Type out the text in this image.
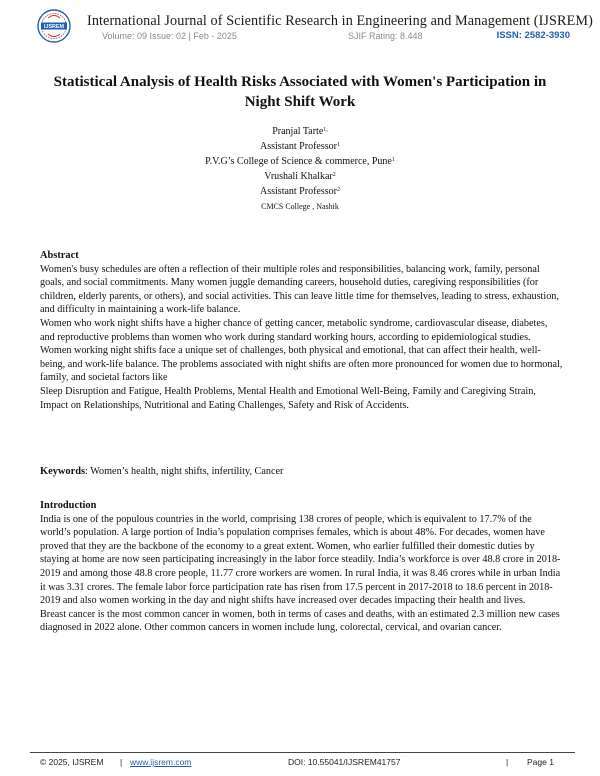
IJSREM International Journal of Scientific Research in Engineering and Management (IJSREM)
Volume: 09 Issue: 02 | Feb - 2025	SJIF Rating: 8.448	ISSN: 2582-3930
Statistical Analysis of Health Risks Associated with Women's Participation in
Night Shift Work
Pranjal Tarte$^{1,}$
Assistant Professor$^1$
P.V.G’s College of Science & commerce, Pune$^1$
Vrushali Khalkar$^2$
Assistant Professor$^2$
CMCS College , Nashik

Abstract

Women's busy schedules are often a reflection of their multiple roles and responsibilities, balancing work, family, personal goals, and social commitments. Many women juggle demanding careers, household duties, caregiving responsibilities (for children, elderly parents, or others), and social activities. This can leave little time for themselves, leading to stress, exhaustion, and difficulty in maintaining a work-life balance.

Women who work night shifts have a higher chance of getting cancer, metabolic syndrome, cardiovascular disease, diabetes, and reproductive problems than women who work during standard working hours, according to epidemiological studies.

Women working night shifts face a unique set of challenges, both physical and emotional, that can affect their health, well-being, and work-life balance. The problems associated with night shifts are often more pronounced for women due to hormonal, family, and societal factors like

Sleep Disruption and Fatigue, Health Problems, Mental Health and Emotional Well-Being, Family and Caregiving Strain, Impact on Relationships, Nutritional and Eating Challenges, Safety and Risk of Accidents.

Keywords: Women’s health, night shifts, infertility, Cancer

Introduction

India is one of the populous countries in the world, comprising 138 crores of people, which is equivalent to 17.7% of the world’s population. A large portion of India’s population comprises females, which is about 48%. For decades, women have proved that they are the backbone of the economy to a great extent. Women, who earlier fulfilled their domestic duties by staying at home are now seen participating increasingly in the labor force steadily. India’s workforce is over 48.8 crore in 2018-2019 and among those 48.8 crore people, 11.77 crore workers are women. In rural India, it was 8.46 crores while in urban India it was 3.31 crores. The female labor force participation rate has risen from 17.5 percent in 2017-2018 to 18.6 percent in 2018-2019 and also women working in the day and night shifts have increased over decades impacting their health and lives.

Breast cancer is the most common cancer in women, both in terms of cases and deaths, with an estimated 2.3 million new cases diagnosed in 2022 alone. Other common cancers in women include lung, colorectal, cervical, and ovarian cancer.

© 2025, IJSREM | www.ijsrem.com	DOI: 10.55041/IJSREM41757	| Page 1
